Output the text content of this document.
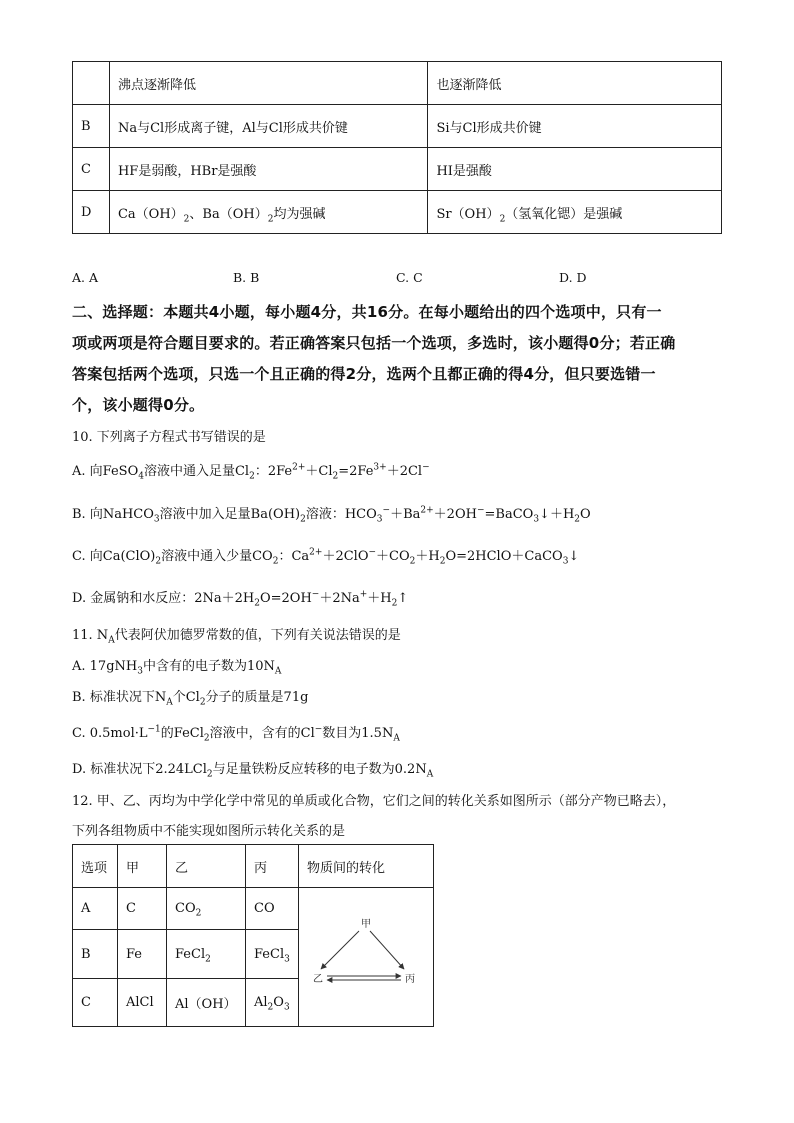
	沸点逐渐降低	也逐渐降低
B	Na与Cl形成离子键，Al与Cl形成共价键	Si与Cl形成共价键
C	HF是弱酸，HBr是强酸	HI是强酸
D	$Ca(OH)_2$、$Ba(OH)_2$均为强碱	$Sr(OH)_2$（氢氧化锶）是强碱
A. A	B. B	C. C	D. D
二、选择题：本题共4小题，每小题4分，共16分。在每小题给出的四个选项中，只有一
项或两项是符合题目要求的。若正确答案只包括一个选项，多选时，该小题得0分；若正确
答案包括两个选项，只选一个且正确的得2分，选两个且都正确的得4分，但只要选错一
个，该小题得0分。
10. 下列离子方程式书写错误的是
A. 向FeSO$_4$溶液中通入足量$Cl_2$：$2Fe^{2+}+Cl_2=2Fe^{3+}+2Cl^-$
B. 向NaHCO$_3$溶液中加入足量$Ba(OH)_2$溶液：$HCO_3^-+Ba^{2+}+2OH^-=BaCO_3↓+H_2O$
C. 向$Ca(ClO)_2$溶液中通入少量$CO_2$：$Ca^{2+}+2ClO^-+CO_2+H_2O=2HClO+CaCO_3↓$
D. 金属钠和水反应：$2Na+2H_2O=2OH^-+2Na^++H_2↑$
11. $N_A$代表阿伏加德罗常数的值，下列有关说法错误的是
A. 17gNH$_3$中含有的电子数为$10N_A$
B. 标准状况下$N_A$个$Cl_2$分子的质量是71g
C. $0.5mol\cdot L^{-1}$的FeCl$_2$溶液中，含有的Cl−数目为$1.5N_A$
D. 标准状况下2.24LCl$_2$与足量铁粉反应转移的电子数为$0.2N_A$
12. 甲、乙、丙均为中学化学中常见的单质或化合物，它们之间的转化关系如图所示（部分产物已略去），
下列各组物质中不能实现如图所示转化关系的是
选项	甲	乙	丙	物质间的转化
A	C	$CO_2$	CO	甲
乙 丙

B	Fe	FeCl$_2$	FeCl$_3$
C	AlCl	Al（OH）	$Al_2O_3$
